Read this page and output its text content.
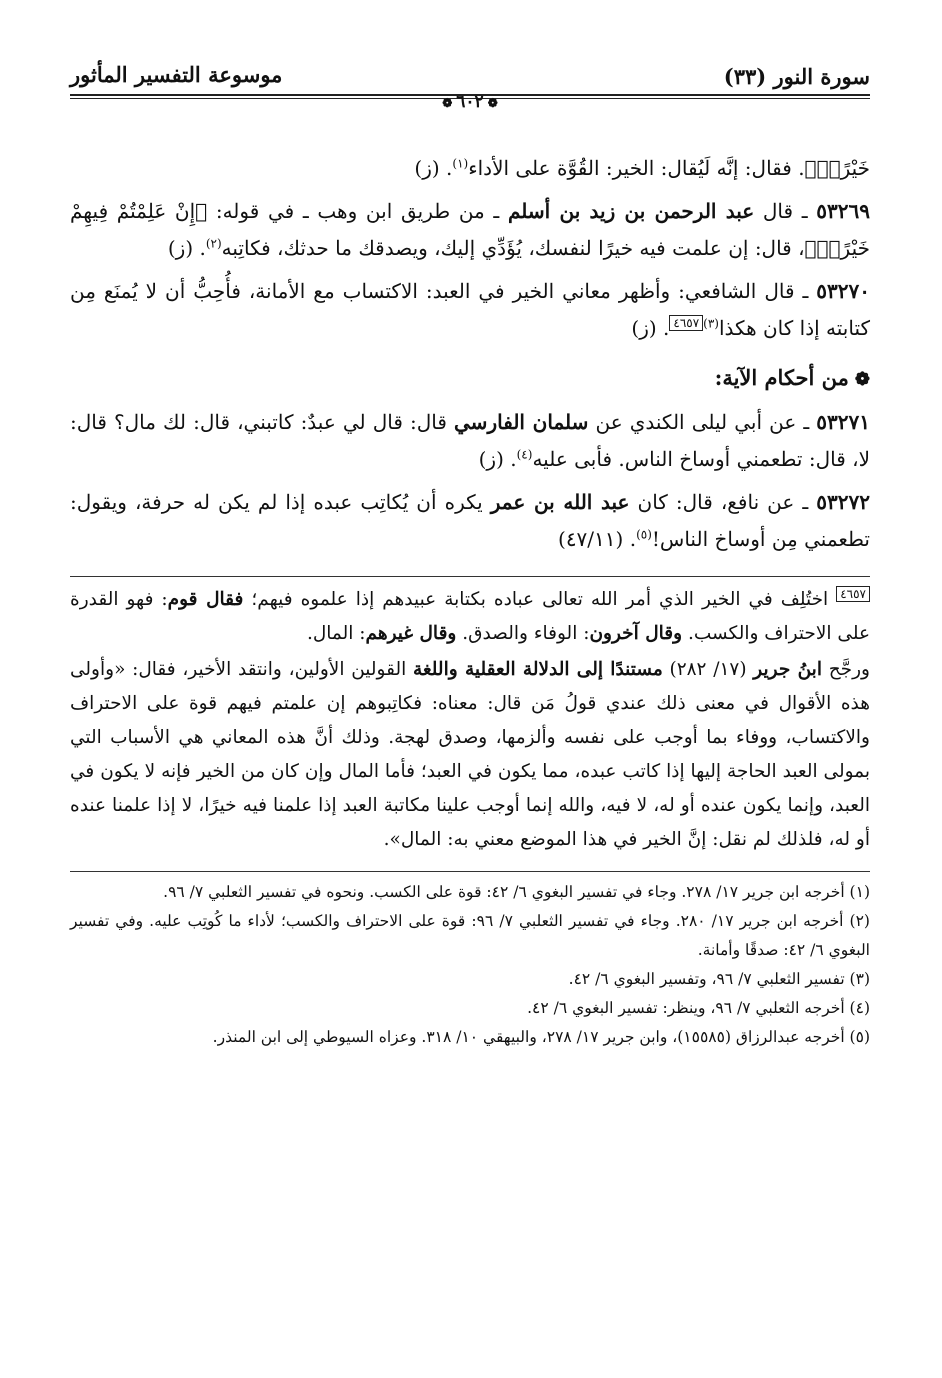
سورة النور (٣٣)
موسوعة التفسير المأثور
❁٦٠٢❁

خَيْرًاۖ﴾. فقال: إنَّه لَيُقال: الخير: القُوَّة على الأداء$^{(١)}$. (ز)

٥٣٢٦٩ ـ قال عبد الرحمن بن زيد بن أسلم ـ من طريق ابن وهب ـ في قوله: ﴿إِنْ عَلِمْتُمْ فِيهِمْ خَيْرًاۖ﴾، قال: إن علمت فيه خيرًا لنفسك، يُؤَدِّي إليك، ويصدقك ما حدثك، فكاتِبه$^{(٢)}$. (ز)

٥٣٢٧٠ ـ قال الشافعي: وأظهر معاني الخير في العبد: الاكتساب مع الأمانة، فأُحِبُّ أن لا يُمنَع مِن كتابته إذا كان هكذا$^{(٣)}$٤٦٥٧. (ز)

❁من أحكام الآية:

٥٣٢٧١ ـ عن أبي ليلى الكندي عن سلمان الفارسي قال: قال لي عبدٌ: كاتبني، قال: لك مال؟ قال: لا، قال: تطعمني أوساخ الناس. فأبى عليه$^{(٤)}$. (ز)

٥٣٢٧٢ ـ عن نافع، قال: كان عبد الله بن عمر يكره أن يُكاتِب عبده إذا لم يكن له حرفة، ويقول: تطعمني مِن أوساخ الناس!$^{(٥)}$. (٤٧/١١)

٤٦٥٧ اختُلِف في الخير الذي أمر الله تعالى عباده بكتابة عبيدهم إذا علموه فيهم؛ فقال قوم: فهو القدرة على الاحتراف والكسب. وقال آخرون: الوفاء والصدق. وقال غيرهم: المال.

ورجَّح ابنُ جرير (١٧/ ٢٨٢) مستندًا إلى الدلالة العقلية واللغة القولين الأولين، وانتقد الأخير، فقال: «وأولى هذه الأقوال في معنى ذلك عندي قولُ مَن قال: معناه: فكاتِبوهم إن علمتم فيهم قوة على الاحتراف والاكتساب، ووفاء بما أوجب على نفسه وألزمها، وصدق لهجة. وذلك أنَّ هذه المعاني هي الأسباب التي بمولى العبد الحاجة إليها إذا كاتب عبده، مما يكون في العبد؛ فأما المال وإن كان من الخير فإنه لا يكون في العبد، وإنما يكون عنده أو له، لا فيه، والله إنما أوجب علينا مكاتبة العبد إذا علمنا فيه خيرًا، لا إذا علمنا عنده أو له، فلذلك لم نقل: إنَّ الخير في هذا الموضع معني به: المال».

(١) أخرجه ابن جرير ١٧/ ٢٧٨. وجاء في تفسير البغوي ٦/ ٤٢: قوة على الكسب. ونحوه في تفسير الثعلبي ٧/ ٩٦.

(٢) أخرجه ابن جرير ١٧/ ٢٨٠. وجاء في تفسير الثعلبي ٧/ ٩٦: قوة على الاحتراف والكسب؛ لأداء ما كُوتِب عليه. وفي تفسير البغوي ٦/ ٤٢: صدقًا وأمانة.

(٣) تفسير الثعلبي ٧/ ٩٦، وتفسير البغوي ٦/ ٤٢.

(٤) أخرجه الثعلبي ٧/ ٩٦، وينظر: تفسير البغوي ٦/ ٤٢.

(٥) أخرجه عبدالرزاق (١٥٥٨٥)، وابن جرير ١٧/ ٢٧٨، والبيهقي ١٠/ ٣١٨. وعزاه السيوطي إلى ابن المنذر.
